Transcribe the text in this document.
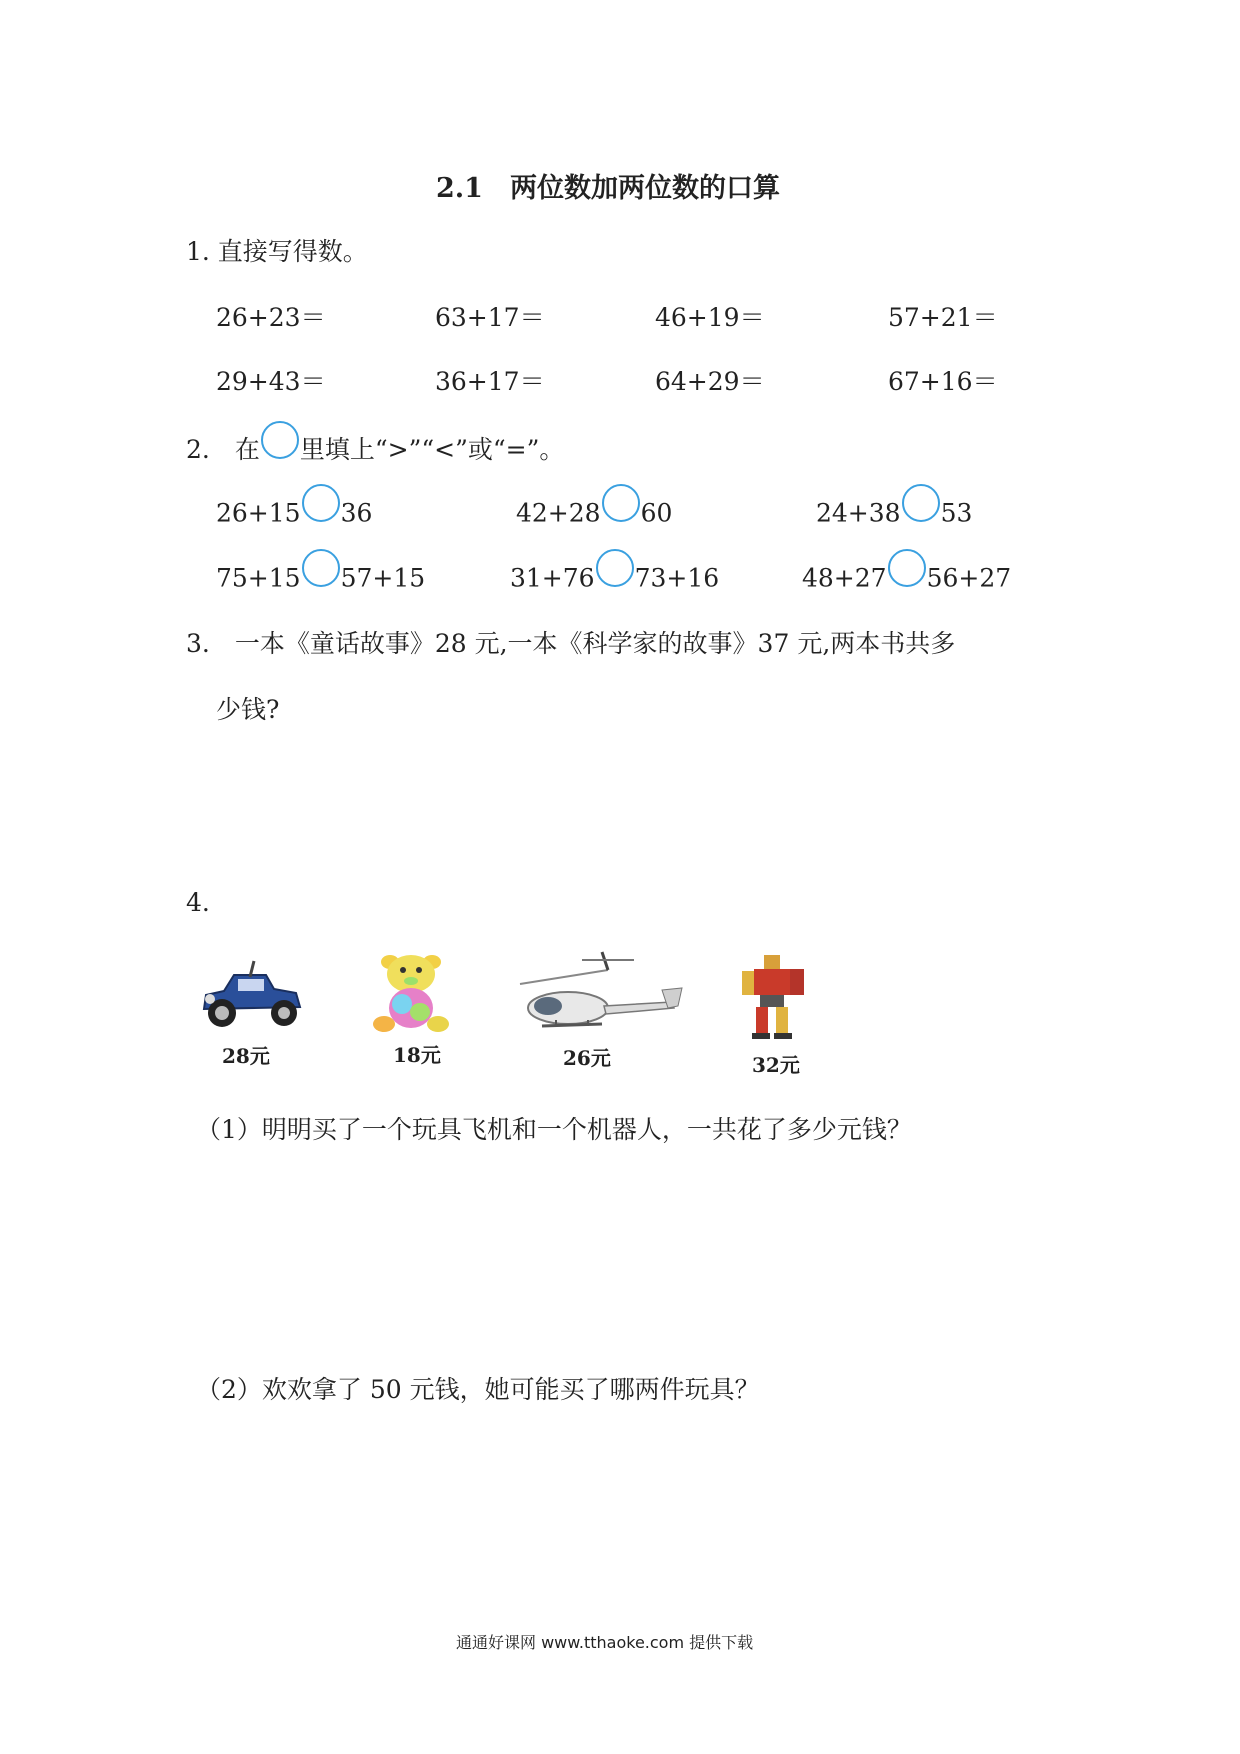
2.1　两位数加两位数的口算
1. 直接写得数。
26+23＝	63+17＝	46+19＝	57+21＝
29+43＝	36+17＝	64+29＝	67+16＝
2.　在 里填上“>”“<”或“=”。
26+15 36	42+28 60	24+38 53
75+15 57+15	31+76 73+16	48+27 56+27
3.　一本《童话故事》28 元,一本《科学家的故事》37 元,两本书共多
少钱?
4.
28元	18元	26元	32元
（1）明明买了一个玩具飞机和一个机器人，一共花了多少元钱？
（2）欢欢拿了 50 元钱，她可能买了哪两件玩具？
通通好课网 www.tthaoke.com 提供下载
